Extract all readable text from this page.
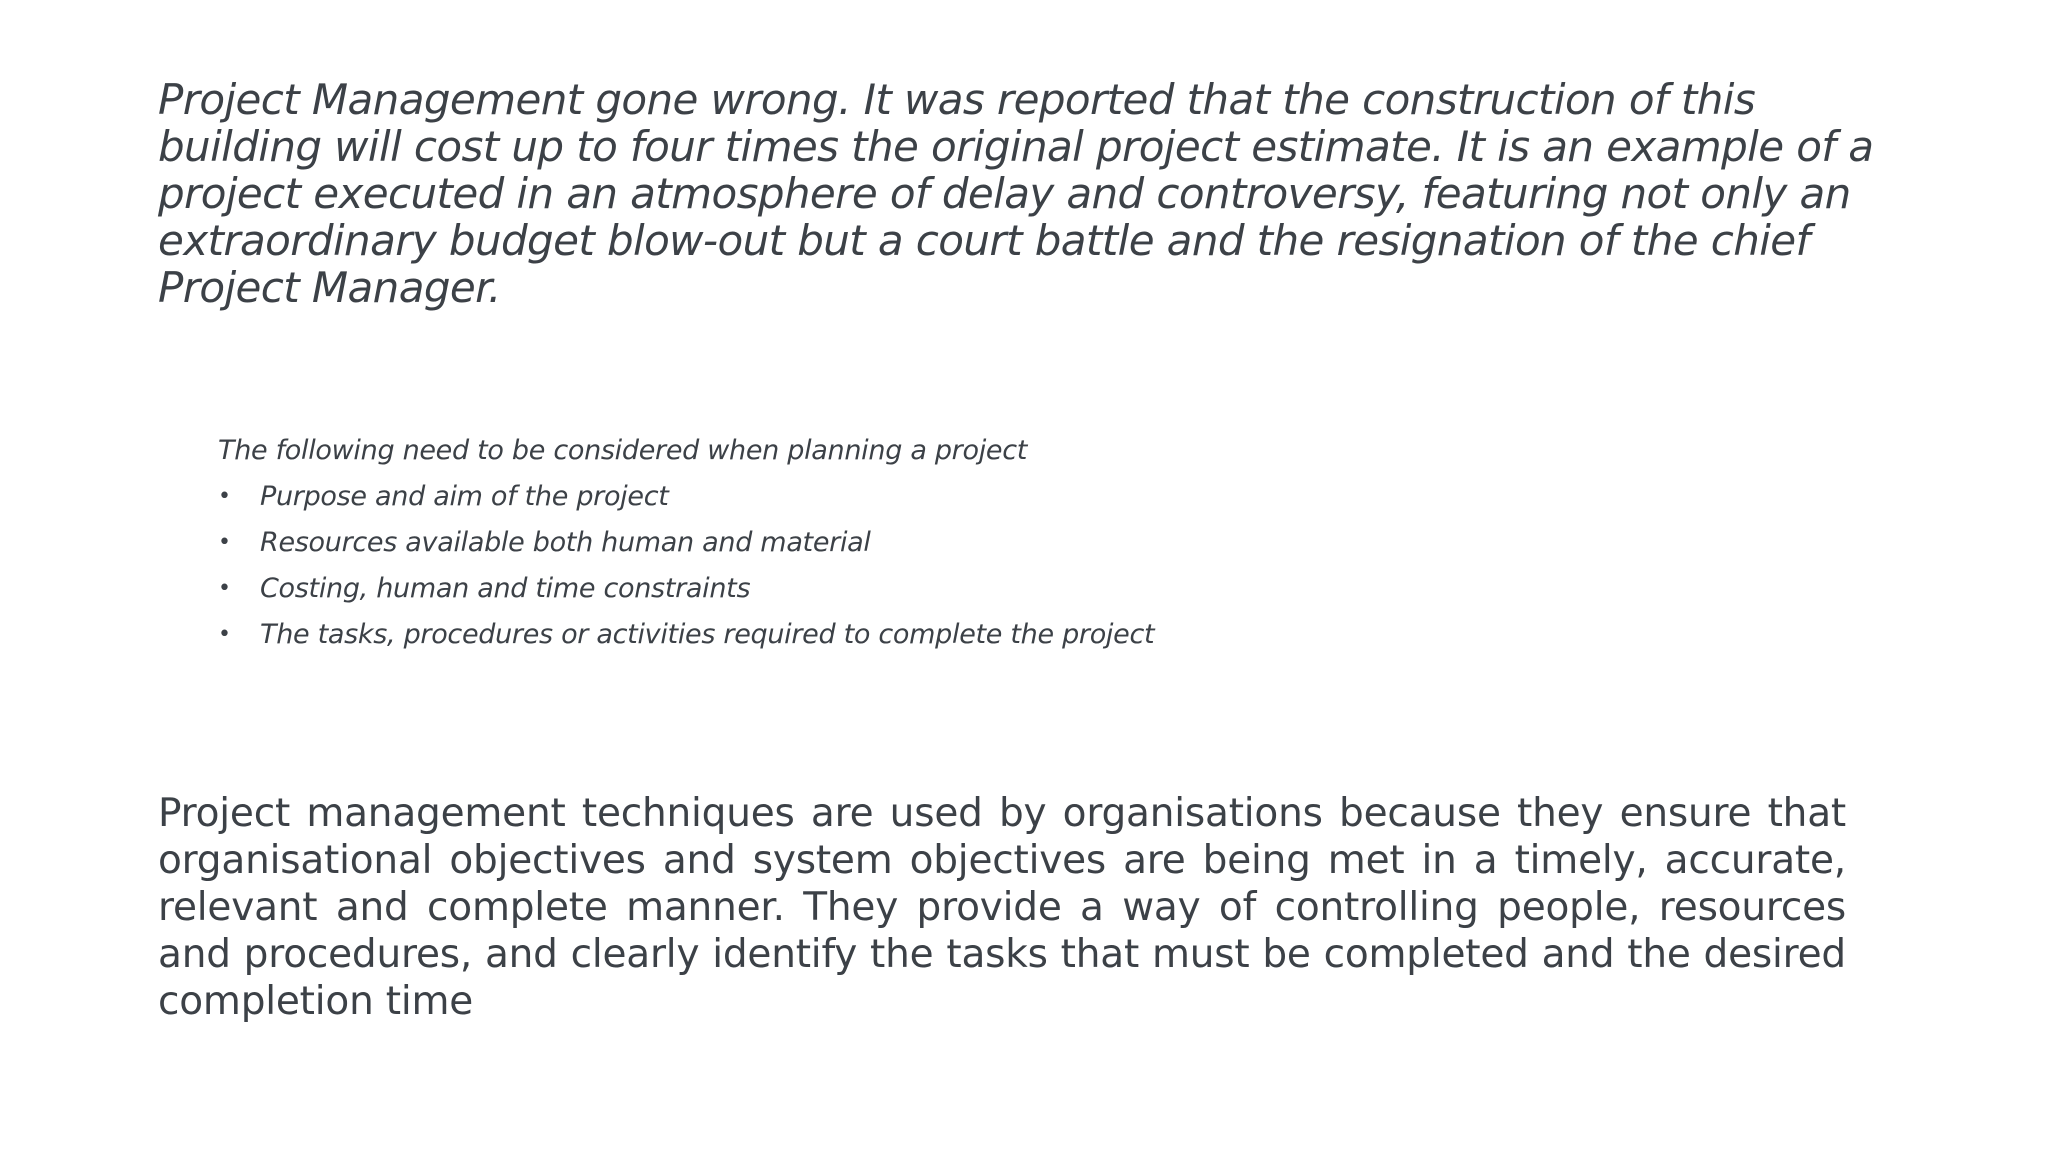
Project Management gone wrong. It was reported that the construction of this building will cost up to four times the original project estimate. It is an example of a project executed in an atmosphere of delay and controversy, featuring not only an extraordinary budget blow-out but a court battle and the resignation of the chief Project Manager.

The following need to be considered when planning a project

• Purpose and aim of the project
• Resources available both human and material
• Costing, human and time constraints
• The tasks, procedures or activities required to complete the project

Project management techniques are used by organisations because they ensure that organisational objectives and system objectives are being met in a timely, accurate, relevant and complete manner. They provide a way of controlling people, resources and procedures, and clearly identify the tasks that must be completed and the desired completion time
